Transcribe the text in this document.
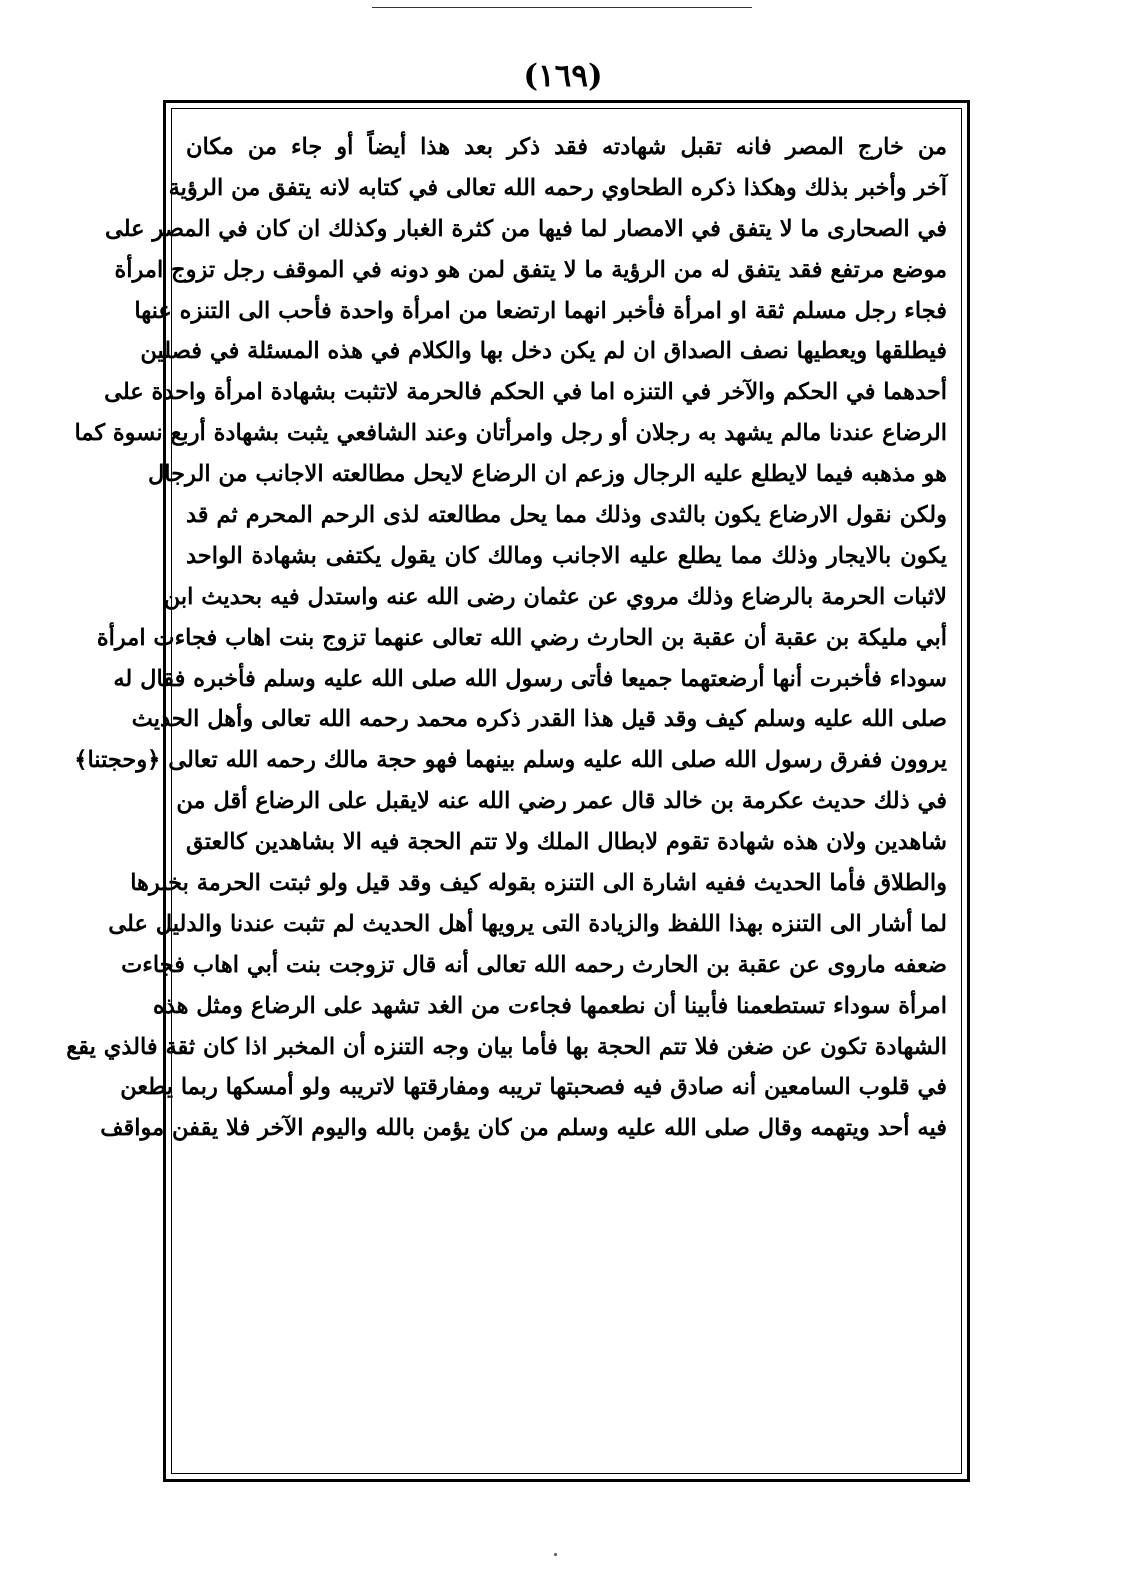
(١٦٩)
من خارج المصر فانه تقبل شهادته فقد ذكر بعد هذا أيضاً أو جاء من مكان
آخر وأخبر بذلك وهكذا ذكره الطحاوي رحمه الله تعالى في كتابه لانه يتفق من الرؤية
في الصحارى ما لا يتفق في الامصار لما فيها من كثرة الغبار وكذلك ان كان في المصر على
موضع مرتفع فقد يتفق له من الرؤية ما لا يتفق لمن هو دونه في الموقف رجل تزوج امرأة
فجاء رجل مسلم ثقة او امرأة فأخبر انهما ارتضعا من امرأة واحدة فأحب الى التنزه عنها
فيطلقها ويعطيها نصف الصداق ان لم يكن دخل بها والكلام في هذه المسئلة في فصلين
أحدهما في الحكم والآخر في التنزه اما في الحكم فالحرمة لاتثبت بشهادة امرأة واحدة على
الرضاع عندنا مالم يشهد به رجلان أو رجل وامرأتان وعند الشافعي يثبت بشهادة أربع نسوة كما
هو مذهبه فيما لايطلع عليه الرجال وزعم ان الرضاع لايحل مطالعته الاجانب من الرجال
ولكن نقول الارضاع يكون بالثدى وذلك مما يحل مطالعته لذى الرحم المحرم ثم قد
يكون بالايجار وذلك مما يطلع عليه الاجانب ومالك كان يقول يكتفى بشهادة الواحد
لاثبات الحرمة بالرضاع وذلك مروي عن عثمان رضى الله عنه واستدل فيه بحديث ابن
أبي مليكة بن عقبة أن عقبة بن الحارث رضي الله تعالى عنهما تزوج بنت اهاب فجاءت امرأة
سوداء فأخبرت أنها أرضعتهما جميعا فأتى رسول الله صلى الله عليه وسلم فأخبره فقال له
صلى الله عليه وسلم كيف وقد قيل هذا القدر ذكره محمد رحمه الله تعالى وأهل الحديث
يروون ففرق رسول الله صلى الله عليه وسلم بينهما فهو حجة مالك رحمه الله تعالى ﴿وحجتنا﴾
في ذلك حديث عكرمة بن خالد قال عمر رضي الله عنه لايقبل على الرضاع أقل من
شاهدين ولان هذه شهادة تقوم لابطال الملك ولا تتم الحجة فيه الا بشاهدين كالعتق
والطلاق فأما الحديث ففيه اشارة الى التنزه بقوله كيف وقد قيل ولو ثبتت الحرمة بخبرها
لما أشار الى التنزه بهذا اللفظ والزيادة التى يرويها أهل الحديث لم تثبت عندنا والدليل على
ضعفه ماروى عن عقبة بن الحارث رحمه الله تعالى أنه قال تزوجت بنت أبي اهاب فجاءت
امرأة سوداء تستطعمنا فأبينا أن نطعمها فجاءت من الغد تشهد على الرضاع ومثل هذه
الشهادة تكون عن ضغن فلا تتم الحجة بها فأما بيان وجه التنزه أن المخبر اذا كان ثقة فالذي يقع
في قلوب السامعين أنه صادق فيه فصحبتها تريبه ومفارقتها لاتريبه ولو أمسكها ربما يطعن
فيه أحد ويتهمه وقال صلى الله عليه وسلم من كان يؤمن بالله واليوم الآخر فلا يقفن مواقف
